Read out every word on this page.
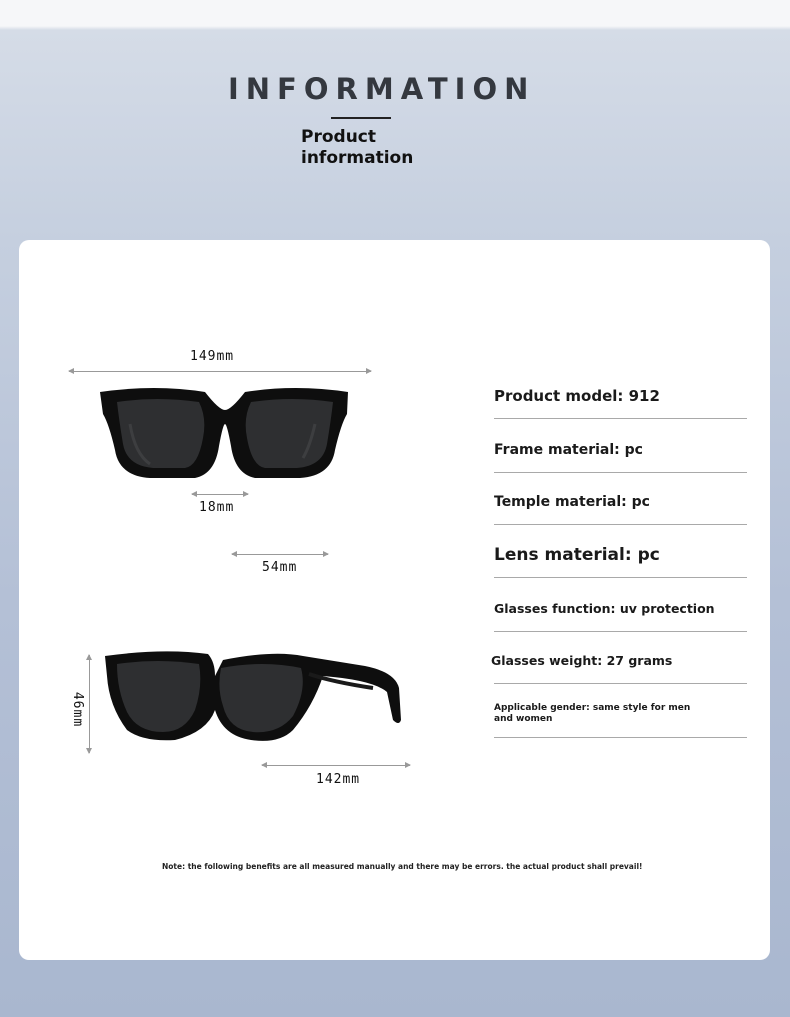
INFORMATION
Product
information
149mm
18mm
54mm
46mm
142mm
Product model: 912
Frame material: pc
Temple material: pc
Lens material: pc
Glasses function: uv protection
Glasses weight: 27 grams
Applicable gender: same style for men and women
Note: the following benefits are all measured manually and there may be errors. the actual product shall prevail!
